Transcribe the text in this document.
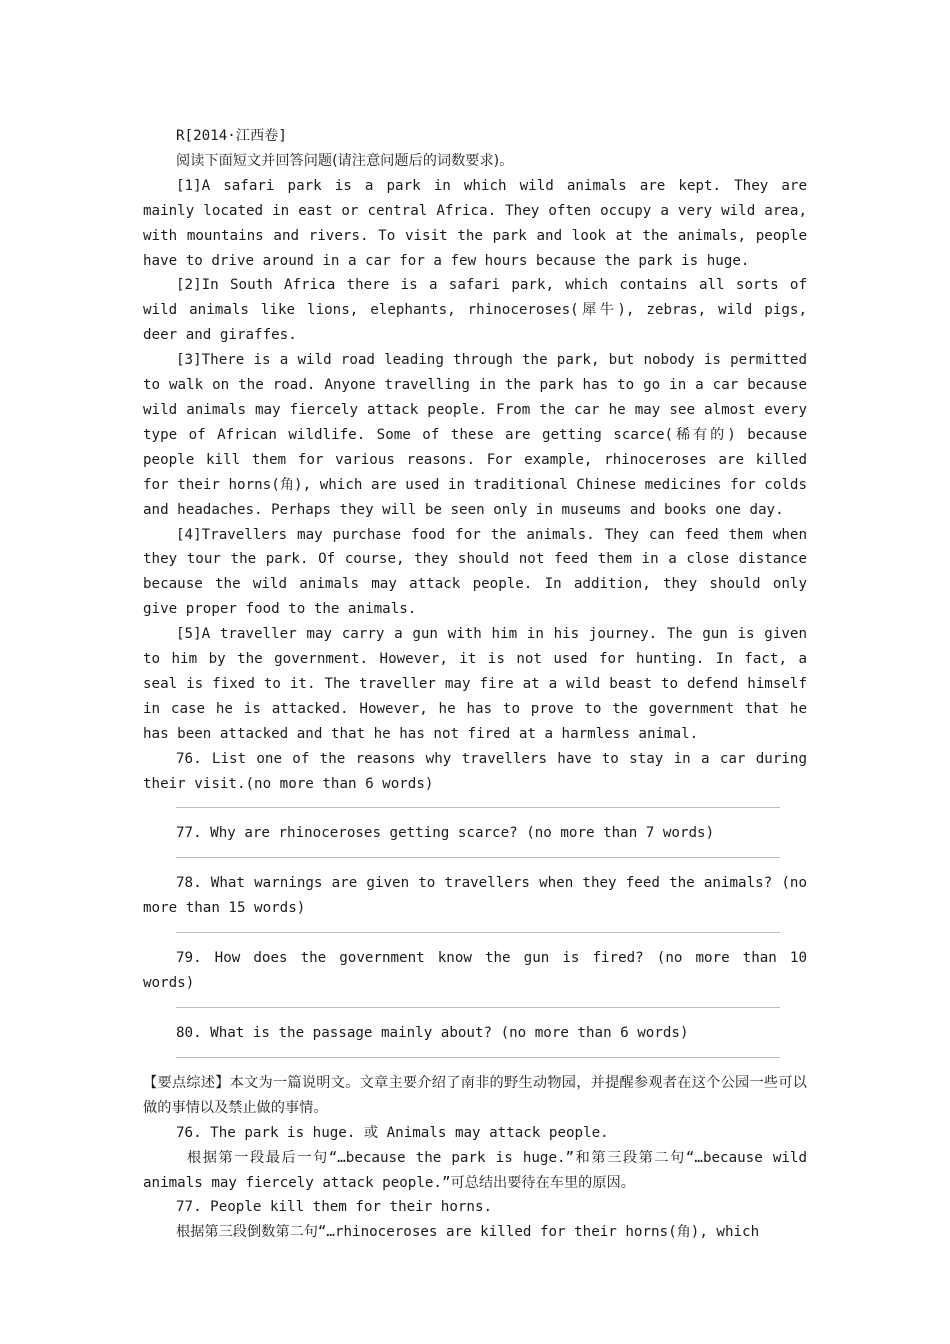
R[2014·江西卷]

阅读下面短文并回答问题(请注意问题后的词数要求)。

[1]A safari park is a park in which wild animals are kept. They are mainly located in east or central Africa. They often occupy a very wild area, with mountains and rivers. To visit the park and look at the animals, people have to drive around in a car for a few hours because the park is huge.

[2]In South Africa there is a safari park, which contains all sorts of wild animals like lions, elephants, rhinoceroses(犀牛), zebras, wild pigs, deer and giraffes.

[3]There is a wild road leading through the park, but nobody is permitted to walk on the road. Anyone travelling in the park has to go in a car because wild animals may fiercely attack people. From the car he may see almost every type of African wildlife. Some of these are getting scarce(稀有的) because people kill them for various reasons. For example, rhinoceroses are killed for their horns(角), which are used in traditional Chinese medicines for colds and headaches. Perhaps they will be seen only in museums and books one day.

[4]Travellers may purchase food for the animals. They can feed them when they tour the park. Of course, they should not feed them in a close distance because the wild animals may attack people. In addition, they should only give proper food to the animals.

[5]A traveller may carry a gun with him in his journey. The gun is given to him by the government. However, it is not used for hunting. In fact, a seal is fixed to it. The traveller may fire at a wild beast to defend himself in case he is attacked. However, he has to prove to the government that he has been attacked and that he has not fired at a harmless animal.

76. List one of the reasons why travellers have to stay in a car during their visit.(no more than 6 words)

77. Why are rhinoceroses getting scarce? (no more than 7 words)

78. What warnings are given to travellers when they feed the animals? (no more than 15 words)

79. How does the government know the gun is fired? (no more than 10 words)

80. What is the passage mainly about? (no more than 6 words)

【要点综述】本文为一篇说明文。文章主要介绍了南非的野生动物园，并提醒参观者在这个公园一些可以做的事情以及禁止做的事情。

76. The park is huge. 或 Animals may attack people.

根据第一段最后一句“…because the park is huge.”和第三段第二句“…because wild animals may fiercely attack people.”可总结出要待在车里的原因。

77. People kill them for their horns.

根据第三段倒数第二句“…rhinoceroses are killed for their horns(角), which
